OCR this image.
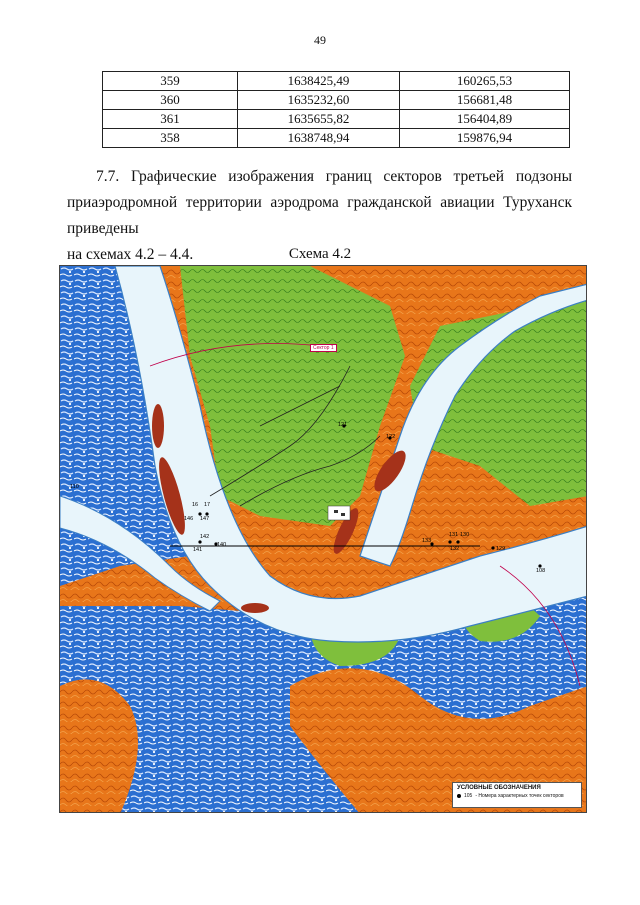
49
359	1638425,49	160265,53
360	1635232,60	156681,48
361	1635655,82	156404,89
358	1638748,94	159876,94
7.7. Графические изображения границ секторов третьей подзоны
приаэродромной территории аэродрома гражданской авиации Туруханск приведены
на схемах 4.2 – 4.4.	Схема 4.2
Сектор 1
16 17
146 147
142
141
140
131 130
133
132	129
122
121
108
110
УСЛОВНЫЕ ОБОЗНАЧЕНИЯ
105 - Номера характерных точек секторов
